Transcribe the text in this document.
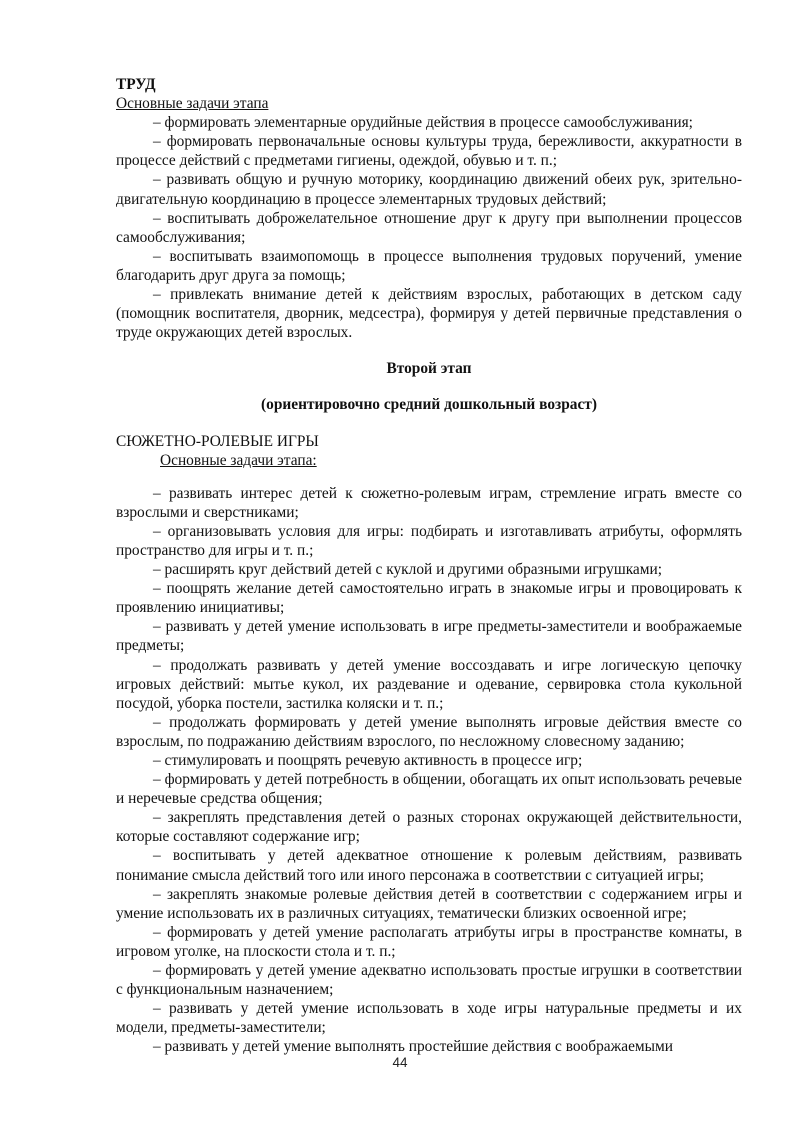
ТРУД
Основные задачи этапа

– формировать элементарные орудийные действия в процессе самообслуживания;

– формировать первоначальные основы культуры труда, бережливости, аккуратности в процессе действий с предметами гигиены, одеждой, обувью и т. п.;

– развивать общую и ручную моторику, координацию движений обеих рук, зрительно-двигательную координацию в процессе элементарных трудовых действий;

– воспитывать доброжелательное отношение друг к другу при выполнении процессов самообслуживания;

– воспитывать взаимопомощь в процессе выполнения трудовых поручений, умение благодарить друг друга за помощь;

– привлекать внимание детей к действиям взрослых, работающих в детском саду (помощник воспитателя, дворник, медсестра), формируя у детей первичные представления о труде окружающих детей взрослых.

Второй этап

(ориентировочно средний дошкольный возраст)

СЮЖЕТНО-РОЛЕВЫЕ ИГРЫ
Основные задачи этапа:

– развивать интерес детей к сюжетно-ролевым играм, стремление играть вместе со взрослыми и сверстниками;

– организовывать условия для игры: подбирать и изготавливать атрибуты, оформлять пространство для игры и т. п.;

– расширять круг действий детей с куклой и другими образными игрушками;

– поощрять желание детей самостоятельно играть в знакомые игры и провоцировать к проявлению инициативы;

– развивать у детей умение использовать в игре предметы-заместители и воображаемые предметы;

– продолжать развивать у детей умение воссоздавать и игре логическую цепочку игровых действий: мытье кукол, их раздевание и одевание, сервировка стола кукольной посудой, уборка постели, застилка коляски и т. п.;

– продолжать формировать у детей умение выполнять игровые действия вместе со взрослым, по подражанию действиям взрослого, по несложному словесному заданию;

– стимулировать и поощрять речевую активность в процессе игр;

– формировать у детей потребность в общении, обогащать их опыт использовать речевые и неречевые средства общения;

– закреплять представления детей о разных сторонах окружающей действительности, которые составляют содержание игр;

– воспитывать у детей адекватное отношение к ролевым действиям, развивать понимание смысла действий того или иного персонажа в соответствии с ситуацией игры;

– закреплять знакомые ролевые действия детей в соответствии с содержанием игры и умение использовать их в различных ситуациях, тематически близких освоенной игре;

– формировать у детей умение располагать атрибуты игры в пространстве комнаты, в игровом уголке, на плоскости стола и т. п.;

– формировать у детей умение адекватно использовать простые игрушки в соответствии с функциональным назначением;

– развивать у детей умение использовать в ходе игры натуральные предметы и их модели, предметы-заместители;

– развивать у детей умение выполнять простейшие действия с воображаемыми

44
